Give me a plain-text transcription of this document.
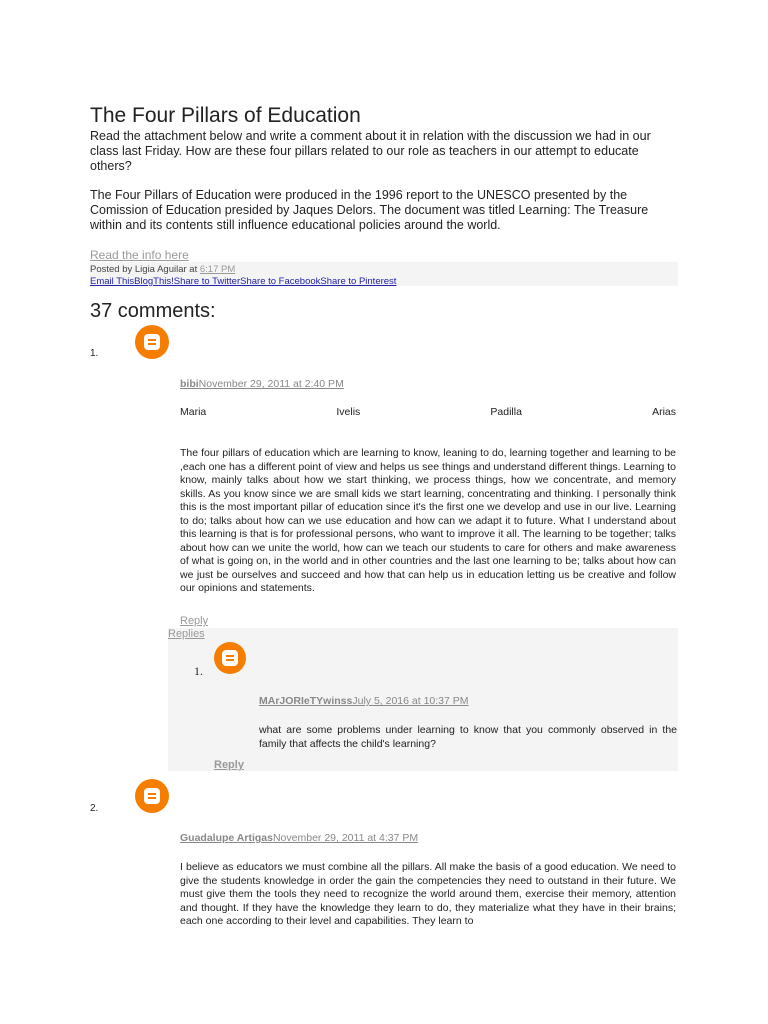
The Four Pillars of Education

Read the attachment below and write a comment about it in relation with the discussion we had in our class last Friday. How are these four pillars related to our role as teachers in our attempt to educate others?

The Four Pillars of Education were produced in the 1996 report to the UNESCO presented by the Comission of Education presided by Jaques Delors. The document was titled Learning: The Treasure within and its contents still influence educational policies around the world.

Read the info here
Posted by Ligia Aguilar at 6:17 PM
Email ThisBlogThis!Share to TwitterShare to FacebookShare to Pinterest
37 comments:
1.
bibiNovember 29, 2011 at 2:40 PM
Maria	Ivelis	Padilla	Arias
The four pillars of education which are learning to know, leaning to do, learning together and learning to be ,each one has a different point of view and helps us see things and understand different things. Learning to know, mainly talks about how we start thinking, we process things, how we concentrate, and memory skills. As you know since we are small kids we start learning, concentrating and thinking. I personally think this is the most important pillar of education since it's the first one we develop and use in our live. Learning to do; talks about how can we use education and how can we adapt it to future. What I understand about this learning is that is for professional persons, who want to improve it all. The learning to be together; talks about how can we unite the world, how can we teach our students to care for others and make awareness of what is going on, in the world and in other countries and the last one learning to be; talks about how can we just be ourselves and succeed and how that can help us in education letting us be creative and follow our opinions and statements.
Reply
Replies
1.
MArJORIeTYwinssJuly 5, 2016 at 10:37 PM
what are some problems under learning to know that you commonly observed in the family that affects the child's learning?
Reply
2.
Guadalupe ArtigasNovember 29, 2011 at 4:37 PM
I believe as educators we must combine all the pillars. All make the basis of a good education. We need to give the students knowledge in order the gain the competencies they need to outstand in their future. We must give them the tools they need to recognize the world around them, exercise their memory, attention and thought. If they have the knowledge they learn to do, they materialize what they have in their brains; each one according to their level and capabilities. They learn to
